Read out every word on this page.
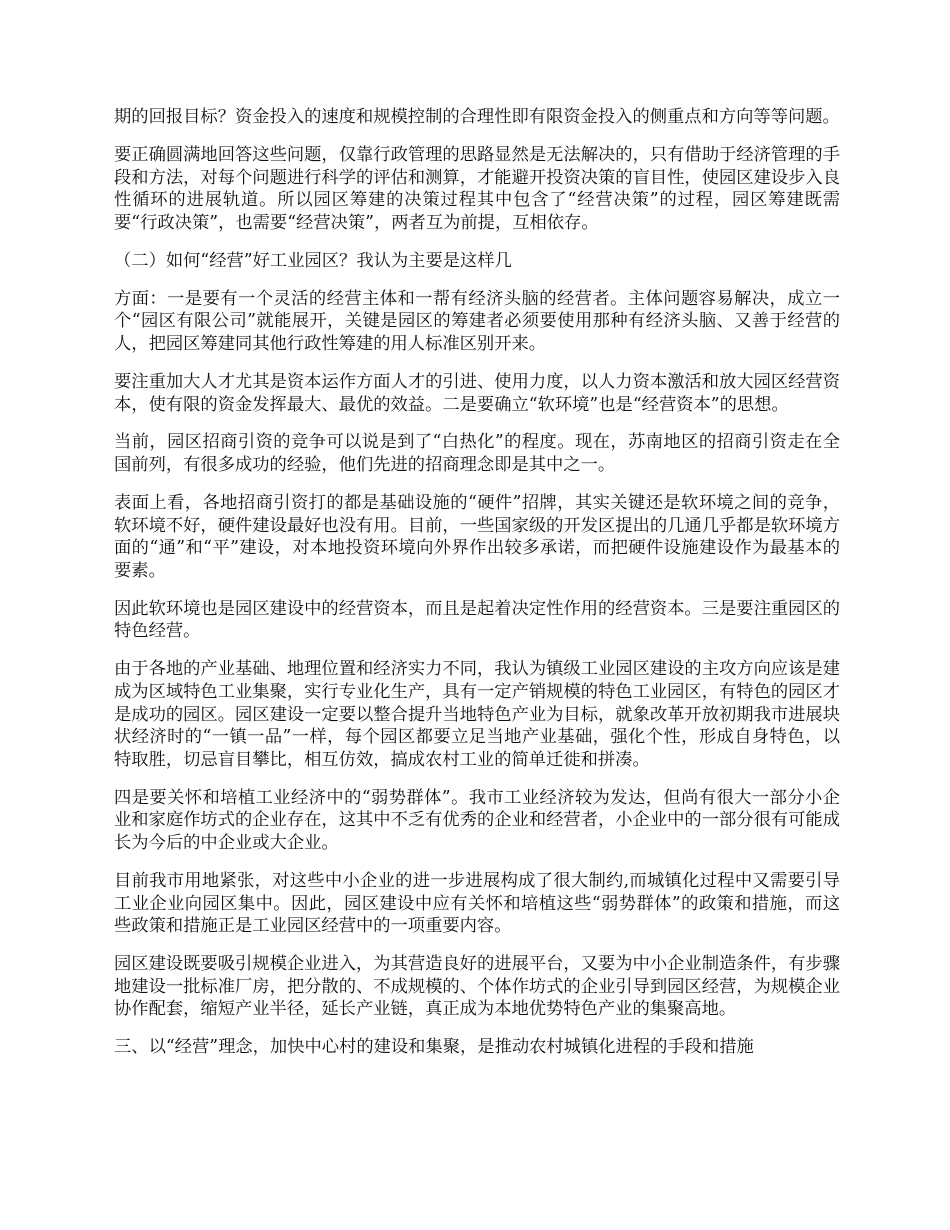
期的回报目标？资金投入的速度和规模控制的合理性即有限资金投入的侧重点和方向等等问题。

要正确圆满地回答这些问题，仅靠行政管理的思路显然是无法解决的，只有借助于经济管理的手段和方法，对每个问题进行科学的评估和测算，才能避开投资决策的盲目性，使园区建设步入良性循环的进展轨道。所以园区筹建的决策过程其中包含了“经营决策”的过程，园区筹建既需要“行政决策”，也需要“经营决策”，两者互为前提，互相依存。

（二）如何“经营”好工业园区？我认为主要是这样几

方面：一是要有一个灵活的经营主体和一帮有经济头脑的经营者。主体问题容易解决，成立一个“园区有限公司”就能展开，关键是园区的筹建者必须要使用那种有经济头脑、又善于经营的人，把园区筹建同其他行政性筹建的用人标准区别开来。

要注重加大人才尤其是资本运作方面人才的引进、使用力度，以人力资本激活和放大园区经营资本，使有限的资金发挥最大、最优的效益。二是要确立“软环境”也是“经营资本”的思想。

当前，园区招商引资的竞争可以说是到了“白热化”的程度。现在，苏南地区的招商引资走在全国前列，有很多成功的经验，他们先进的招商理念即是其中之一。

表面上看，各地招商引资打的都是基础设施的“硬件”招牌，其实关键还是软环境之间的竞争，软环境不好，硬件建设最好也没有用。目前，一些国家级的开发区提出的几通几乎都是软环境方面的“通”和“平”建设，对本地投资环境向外界作出较多承诺，而把硬件设施建设作为最基本的要素。

因此软环境也是园区建设中的经营资本，而且是起着决定性作用的经营资本。三是要注重园区的特色经营。

由于各地的产业基础、地理位置和经济实力不同，我认为镇级工业园区建设的主攻方向应该是建成为区域特色工业集聚，实行专业化生产，具有一定产销规模的特色工业园区，有特色的园区才是成功的园区。园区建设一定要以整合提升当地特色产业为目标，就象改革开放初期我市进展块状经济时的“一镇一品”一样，每个园区都要立足当地产业基础，强化个性，形成自身特色，以特取胜，切忌盲目攀比，相互仿效，搞成农村工业的简单迁徙和拼凑。

四是要关怀和培植工业经济中的“弱势群体”。我市工业经济较为发达，但尚有很大一部分小企业和家庭作坊式的企业存在，这其中不乏有优秀的企业和经营者，小企业中的一部分很有可能成长为今后的中企业或大企业。

目前我市用地紧张，对这些中小企业的进一步进展构成了很大制约,而城镇化过程中又需要引导工业企业向园区集中。因此，园区建设中应有关怀和培植这些“弱势群体”的政策和措施，而这些政策和措施正是工业园区经营中的一项重要内容。

园区建设既要吸引规模企业进入，为其营造良好的进展平台，又要为中小企业制造条件，有步骤地建设一批标准厂房，把分散的、不成规模的、个体作坊式的企业引导到园区经营，为规模企业协作配套，缩短产业半径，延长产业链，真正成为本地优势特色产业的集聚高地。

三、以“经营”理念，加快中心村的建设和集聚，是推动农村城镇化进程的手段和措施
